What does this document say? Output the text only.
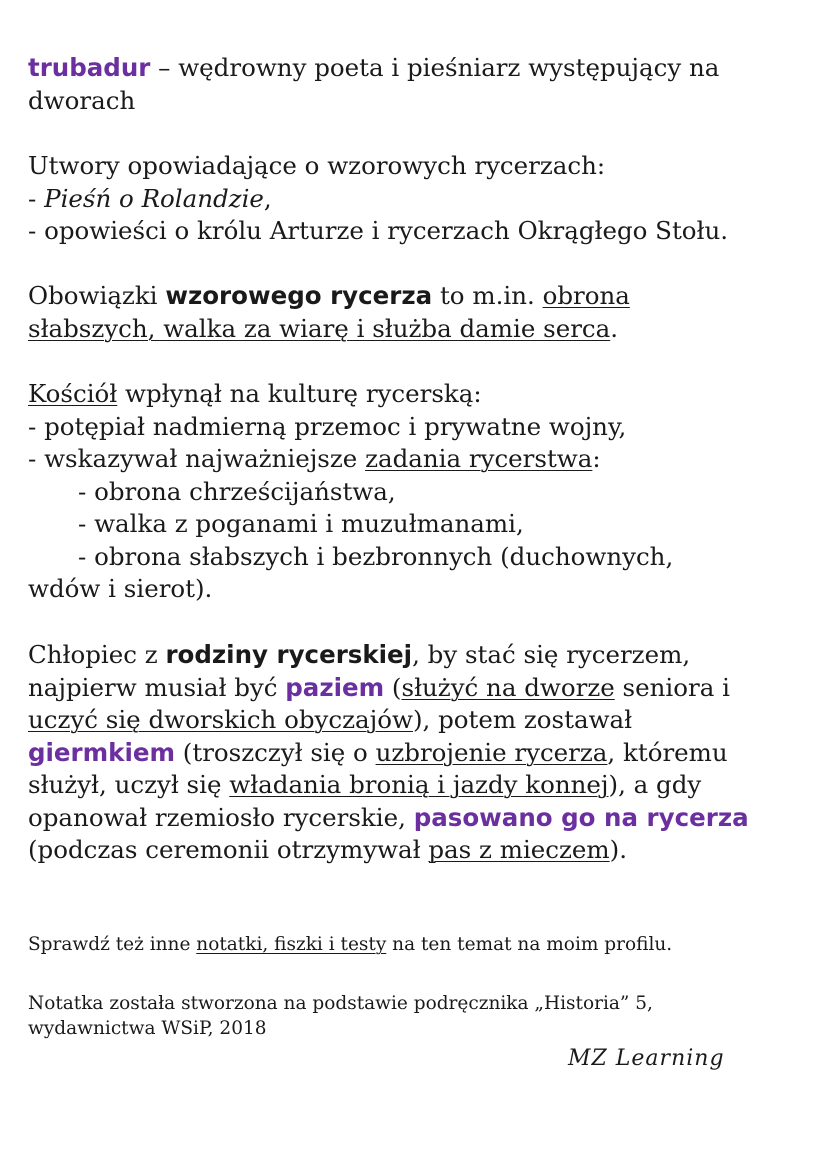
trubadur – wędrowny poeta i pieśniarz występujący na
dworach
Utwory opowiadające o wzorowych rycerzach:
- Pieśń o Rolandzie,
- opowieści o królu Arturze i rycerzach Okrągłego Stołu.
Obowiązki wzorowego rycerza to m.in. obrona
słabszych, walka za wiarę i służba damie serca.
Kościół wpłynął na kulturę rycerską:
- potępiał nadmierną przemoc i prywatne wojny,
- wskazywał najważniejsze zadania rycerstwa:
- obrona chrześcijaństwa,
- walka z poganami i muzułmanami,
- obrona słabszych i bezbronnych (duchownych,
wdów i sierot).
Chłopiec z rodziny rycerskiej, by stać się rycerzem,
najpierw musiał być paziem (służyć na dworze seniora i
uczyć się dworskich obyczajów), potem zostawał
giermkiem (troszczył się o uzbrojenie rycerza, któremu
służył, uczył się władania bronią i jazdy konnej), a gdy
opanował rzemiosło rycerskie, pasowano go na rycerza
(podczas ceremonii otrzymywał pas z mieczem).
Sprawdź też inne notatki, fiszki i testy na ten temat na moim profilu.
Notatka została stworzona na podstawie podręcznika „Historia” 5,
wydawnictwa WSiP, 2018
MZ Learning
